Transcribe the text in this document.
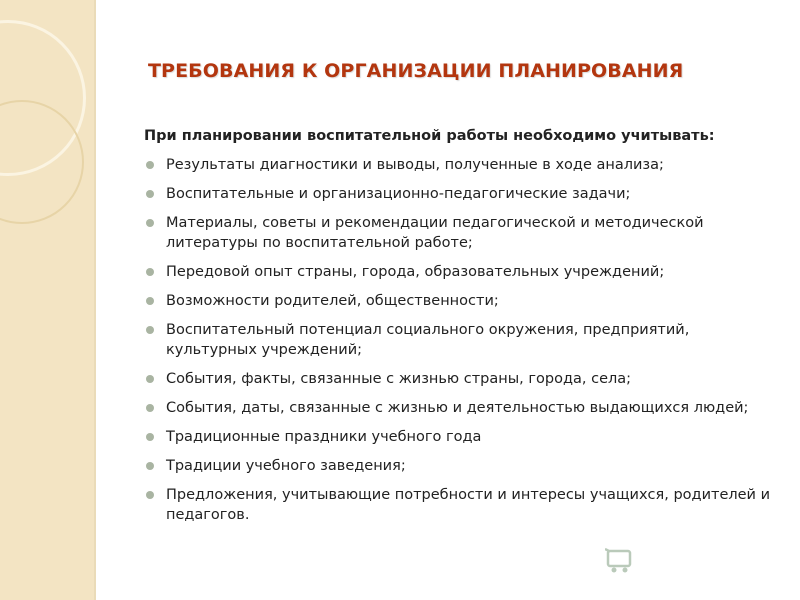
ТРЕБОВАНИЯ К ОРГАНИЗАЦИИ ПЛАНИРОВАНИЯ

При планировании воспитательной работы необходимо учитывать:

Результаты диагностики и выводы, полученные в ходе анализа;
Воспитательные и организационно-педагогические задачи;
Материалы, советы и рекомендации педагогической и методической литературы по воспитательной работе;
Передовой опыт страны, города, образовательных учреждений;
Возможности родителей, общественности;
Воспитательный потенциал социального окружения, предприятий, культурных учреждений;
События, факты, связанные с жизнью страны, города, села;
События, даты, связанные с жизнью и деятельностью выдающихся людей;
Традиционные праздники учебного года
Традиции учебного заведения;
Предложения, учитывающие потребности и интересы учащихся, родителей и педагогов.
